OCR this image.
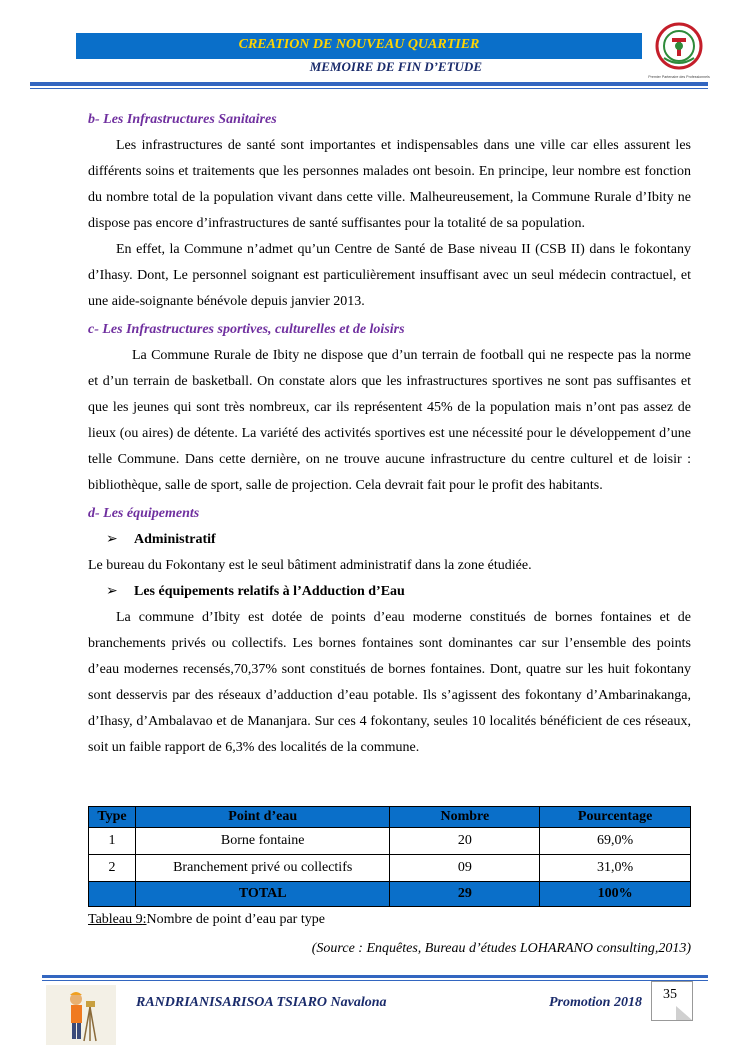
CREATION DE NOUVEAU QUARTIER
MEMOIRE DE FIN D’ETUDE
Premier Partenaire des Professionnels

b- Les Infrastructures Sanitaires

Les infrastructures de santé sont importantes et indispensables dans une ville car elles assurent les différents soins et traitements que les personnes malades ont besoin. En principe, leur nombre est fonction du nombre total de la population vivant dans cette ville. Malheureusement, la Commune Rurale d’Ibity ne dispose pas encore d’infrastructures de santé suffisantes pour la totalité de sa population.

En effet, la Commune n’admet qu’un Centre de Santé de Base niveau II (CSB II) dans le fokontany d’Ihasy. Dont, Le personnel soignant est particulièrement insuffisant avec un seul médecin contractuel, et une aide-soignante bénévole depuis janvier 2013.

c- Les Infrastructures sportives, culturelles et de loisirs

La Commune Rurale de Ibity ne dispose que d’un terrain de football qui ne respecte pas la norme et d’un terrain de basketball. On constate alors que les infrastructures sportives ne sont pas suffisantes et que les jeunes qui sont très nombreux, car ils représentent 45% de la population mais n’ont pas assez de lieux (ou aires) de détente. La variété des activités sportives est une nécessité pour le développement d’une telle Commune. Dans cette dernière, on ne trouve aucune infrastructure du centre culturel et de loisir : bibliothèque, salle de sport, salle de projection. Cela devrait fait pour le profit des habitants.

d- Les équipements

➢ Administratif

Le bureau du Fokontany est le seul bâtiment administratif dans la zone étudiée.

➢ Les équipements relatifs à l’Adduction d’Eau

La commune d’Ibity est dotée de points d’eau moderne constitués de bornes fontaines et de branchements privés ou collectifs. Les bornes fontaines sont dominantes car sur l’ensemble des points d’eau modernes recensés,70,37% sont constitués de bornes fontaines. Dont, quatre sur les huit fokontany sont desservis par des réseaux d’adduction d’eau potable. Ils s’agissent des fokontany d’Ambarinakanga, d’Ihasy, d’Ambalavao et de Mananjara. Sur ces 4 fokontany, seules 10 localités bénéficient de ces réseaux, soit un faible rapport de 6,3% des localités de la commune.

Type	Point d’eau	Nombre	Pourcentage
1	Borne fontaine	20	69,0%
2	Branchement privé ou collectifs	09	31,0%
	TOTAL	29	100%
Tableau 9:Nombre de point d’eau par type
(Source : Enquêtes, Bureau d’études LOHARANO consulting,2013)
RANDRIANISARISOA TSIARO Navalona	Promotion 2018
35
